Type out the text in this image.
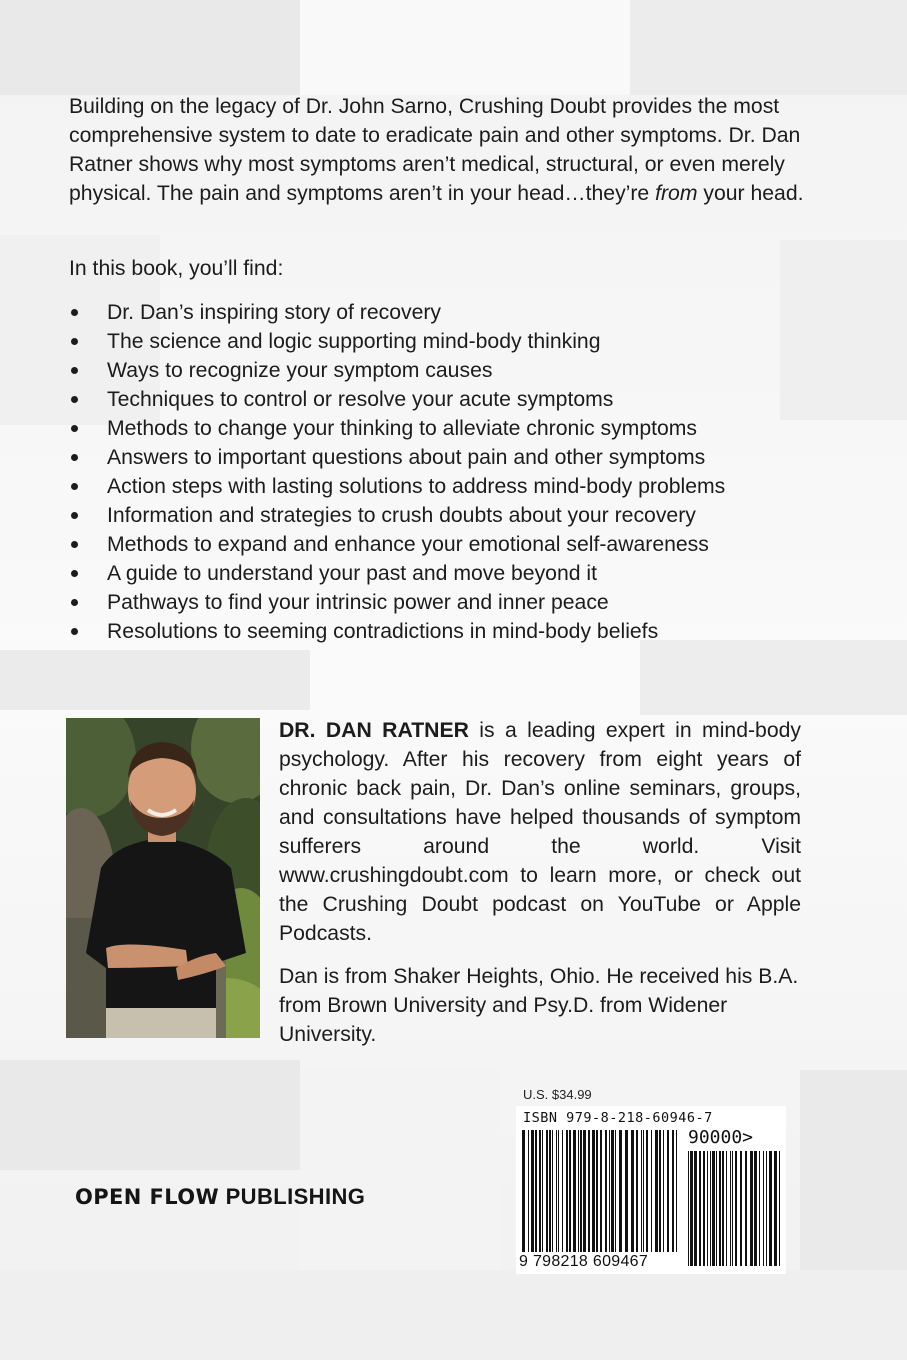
Building on the legacy of Dr. John Sarno, Crushing Doubt provides the most comprehensive system to date to eradicate pain and other symptoms. Dr. Dan Ratner shows why most symptoms aren’t medical, structural, or even merely physical. The pain and symptoms aren’t in your head…they’re from your head.

In this book, you’ll find:

Dr. Dan’s inspiring story of recovery
The science and logic supporting mind-body thinking
Ways to recognize your symptom causes
Techniques to control or resolve your acute symptoms
Methods to change your thinking to alleviate chronic symptoms
Answers to important questions about pain and other symptoms
Action steps with lasting solutions to address mind-body problems
Information and strategies to crush doubts about your recovery
Methods to expand and enhance your emotional self-awareness
A guide to understand your past and move beyond it
Pathways to find your intrinsic power and inner peace
Resolutions to seeming contradictions in mind-body beliefs

DR. DAN RATNER is a leading expert in mind-body psychology. After his recovery from eight years of chronic back pain, Dr. Dan’s online seminars, groups, and consultations have helped thousands of symptom sufferers around the world. Visit www.crushingdoubt.com to learn more, or check out the Crushing Doubt podcast on YouTube or Apple Podcasts.

Dan is from Shaker Heights, Ohio. He received his B.A. from Brown University and Psy.D. from Widener University.

U.S. $34.99
ISBN 979-8-218-60946-7
90000>
9 798218 609467
OPEN FLOW PUBLISHING
